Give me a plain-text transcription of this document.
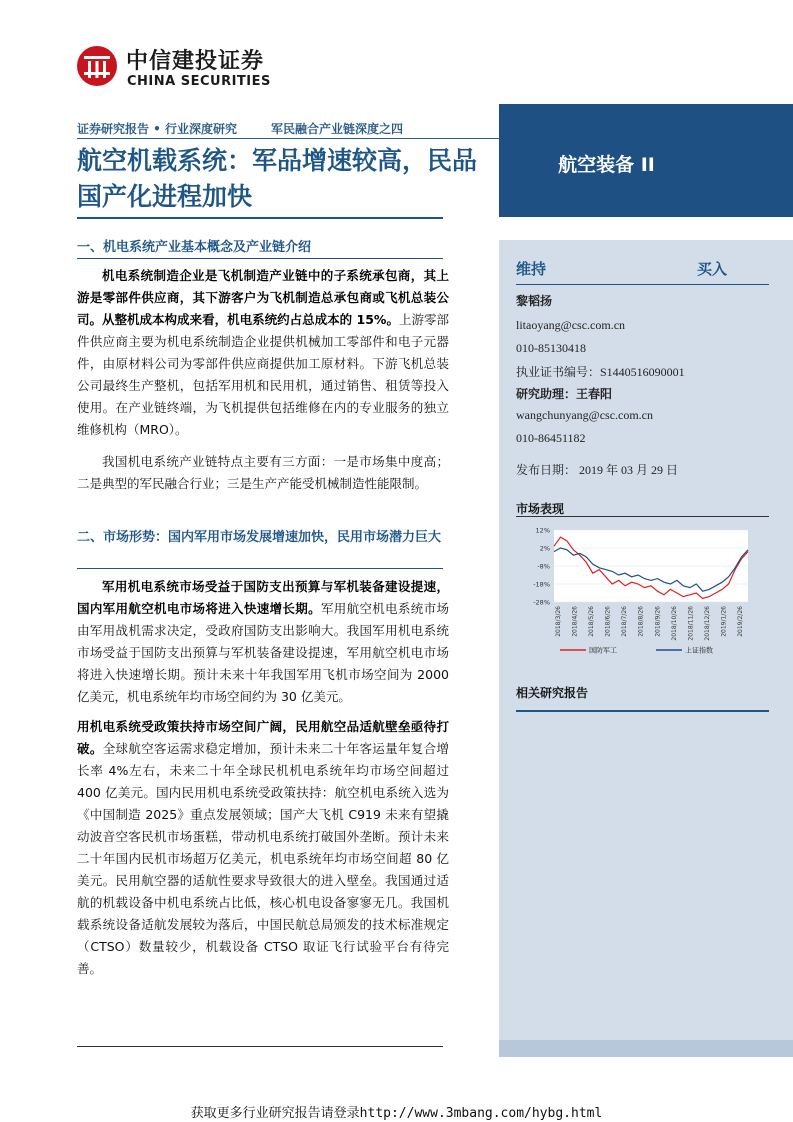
中信建投证券
CHINA SECURITIES
证券研究报告 • 行业深度研究	军民融合产业链深度之四
航空机载系统：军品增速较高，民品国产化进程加快
航空装备 II
维持	买入
黎韬扬
litaoyang@csc.com.cn
010-85130418
执业证书编号：S1440516090001
研究助理：王春阳
wangchunyang@csc.com.cn
010-86451182
发布日期： 2019 年 03 月 29 日
市场表现
12%
2%
-8%
-18%
-28%
2018/3/26 2018/4/26 2018/5/26 2018/6/26 2018/7/26 2018/8/26 2018/9/26 2018/10/26 2018/11/26 2018/12/26 2019/1/26 2019/2/26
国防军工	上证指数
相关研究报告
一、机电系统产业基本概念及产业链介绍
机电系统制造企业是飞机制造产业链中的子系统承包商，其上游是零部件供应商，其下游客户为飞机制造总承包商或飞机总装公司。从整机成本构成来看，机电系统约占总成本的 15%。上游零部件供应商主要为机电系统制造企业提供机械加工零部件和电子元器件，由原材料公司为零部件供应商提供加工原材料。下游飞机总装公司最终生产整机，包括军用机和民用机，通过销售、租赁等投入使用。在产业链终端，为飞机提供包括维修在内的专业服务的独立维修机构（MRO）。
我国机电系统产业链特点主要有三方面：一是市场集中度高；二是典型的军民融合行业；三是生产产能受机械制造性能限制。
二、市场形势：国内军用市场发展增速加快，民用市场潜力巨大
军用机电系统市场受益于国防支出预算与军机装备建设提速，国内军用航空机电市场将进入快速增长期。军用航空机电系统市场由军用战机需求决定，受政府国防支出影响大。我国军用机电系统市场受益于国防支出预算与军机装备建设提速，军用航空机电市场将进入快速增长期。预计未来十年我国军用飞机市场空间为 2000 亿美元，机电系统年均市场空间约为 30 亿美元。
用机电系统受政策扶持市场空间广阔，民用航空品适航壁垒亟待打破。全球航空客运需求稳定增加，预计未来二十年客运量年复合增长率 4%左右，未来二十年全球民机机电系统年均市场空间超过 400 亿美元。国内民用机电系统受政策扶持：航空机电系统入选为《中国制造 2025》重点发展领域；国产大飞机 C919 未来有望撬动波音空客民机市场蛋糕，带动机电系统打破国外垄断。预计未来二十年国内民机市场超万亿美元，机电系统年均市场空间超 80 亿美元。民用航空器的适航性要求导致很大的进入壁垒。我国通过适航的机载设备中机电系统占比低，核心机电设备寥寥无几。我国机载系统设备适航发展较为落后，中国民航总局颁发的技术标准规定（CTSO）数量较少，机载设备 CTSO 取证飞行试验平台有待完善。
获取更多行业研究报告请登录http://www.3mbang.com/hybg.html
